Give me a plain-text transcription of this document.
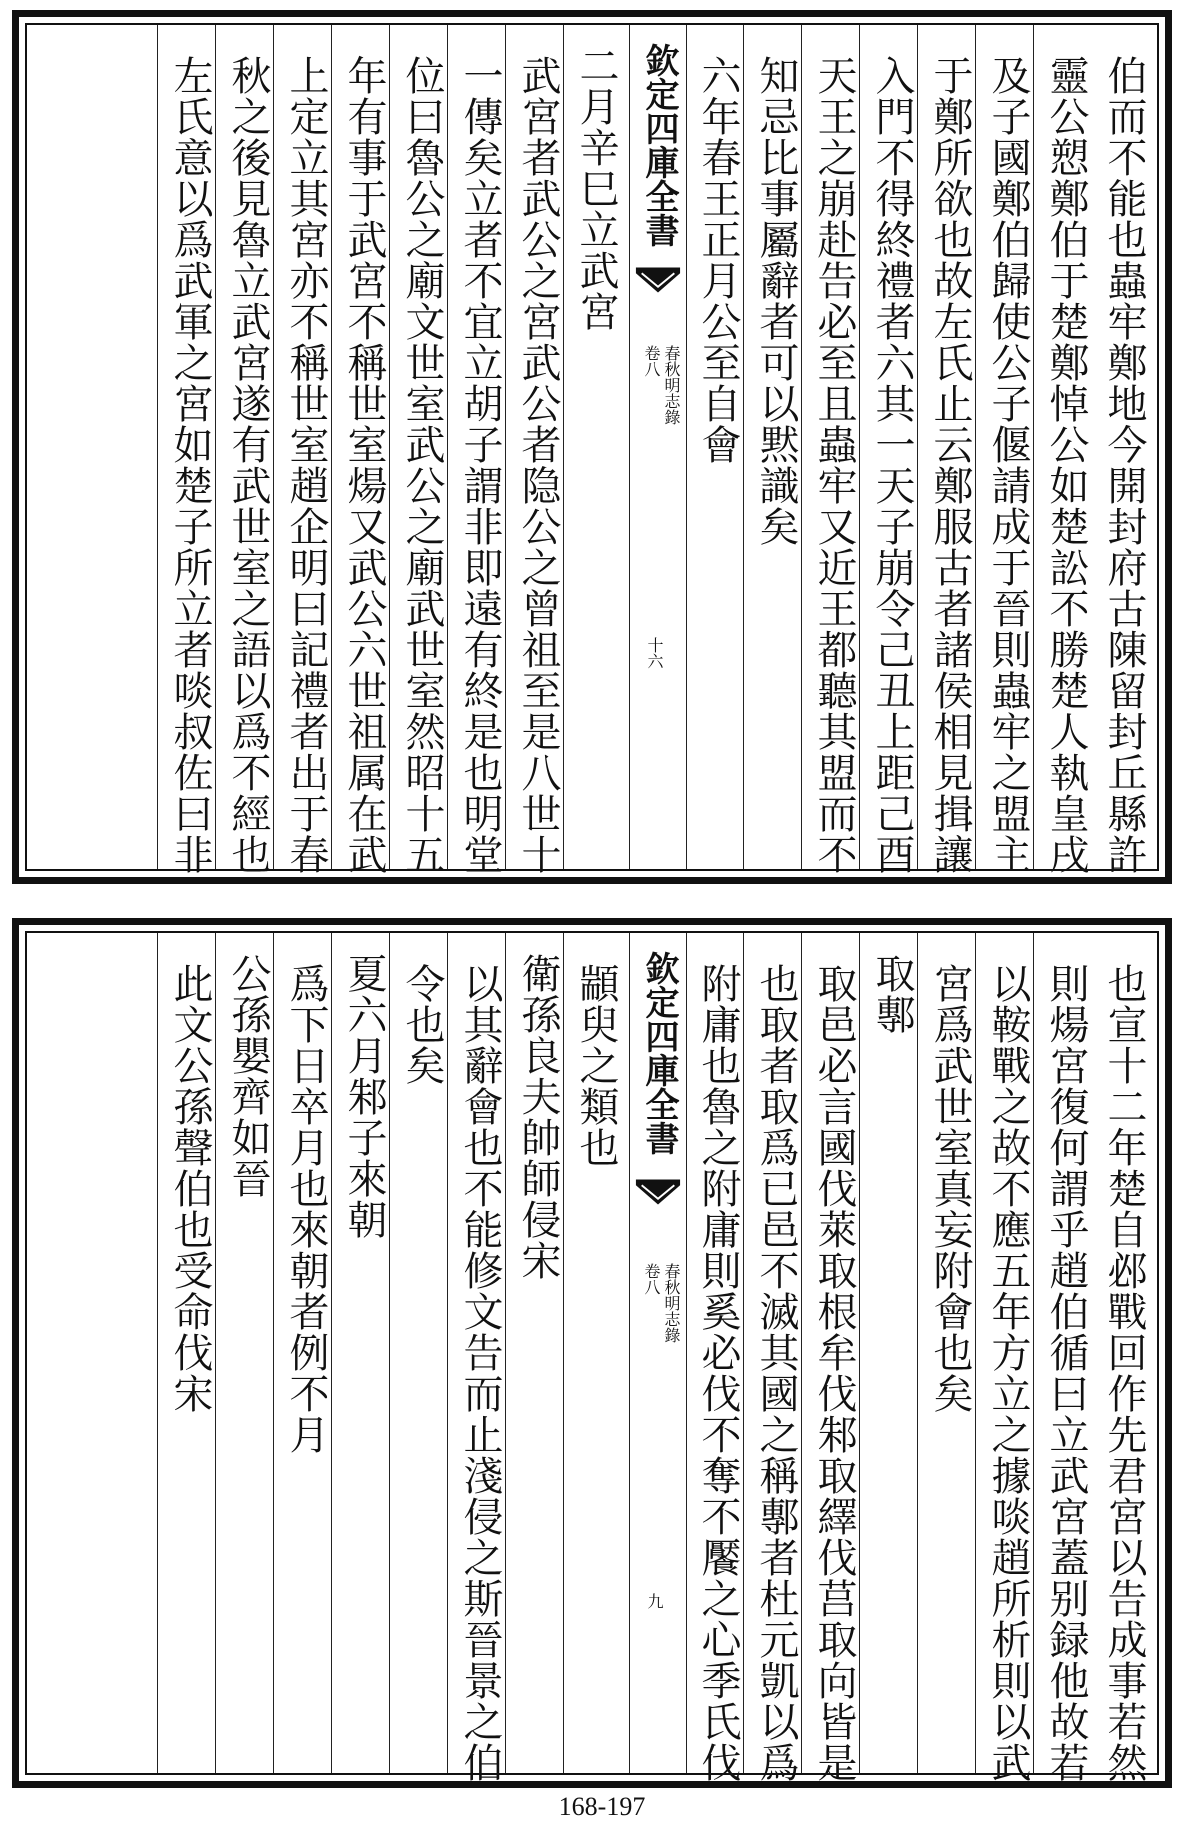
伯而不能也蟲牢鄭地今開封府古陳留封丘縣許
靈公愬鄭伯于楚鄭悼公如楚訟不勝楚人執皇戌
及子國鄭伯歸使公子偃請成于晉則蟲牢之盟主
于鄭所欲也故左氏止云鄭服古者諸侯相見揖讓
入門不得終禮者六其一天子崩令己丑上距己酉
天王之崩赴告必至且蟲牢又近王都聽其盟而不
知忌比事屬辭者可以黙識矣
六年春王正月公至自會
欽定四庫全書
春秋明志錄
卷八
十六
二月辛巳立武宮
武宮者武公之宮武公者隐公之曾祖至是八世十
一傳矣立者不宜立胡子謂非即遠有終是也明堂
位曰魯公之廟文世室武公之廟武世室然昭十五
年有事于武宮不稱世室煬又武公六世祖属在武
上定立其宮亦不稱世室趙企明曰記禮者出于春
秋之後見魯立武宮遂有武世室之語以爲不經也
左氏意以爲武軍之宮如楚子所立者啖叔佐曰非
也宣十二年楚自邲戰回作先君宮以告成事若然
則煬宮復何謂乎趙伯循曰立武宮蓋别録他故若
以鞍戰之故不應五年方立之據啖趙所析則以武
宮爲武世室真妄附會也矣
取鄟
取邑必言國伐萊取根牟伐邾取繹伐莒取向皆是
也取者取爲已邑不滅其國之稱鄟者杜元凱以爲
附庸也魯之附庸則奚必伐不奪不饜之心季氏伐
欽定四庫全書
春秋明志錄
卷八
九
顓臾之類也
衛孫良夫帥師侵宋
以其辭會也不能修文告而止淺侵之斯晉景之伯
令也矣
夏六月邾子來朝
爲下日卒月也來朝者例不月
公孫嬰齊如晉
此文公孫聲伯也受命伐宋
168-197
